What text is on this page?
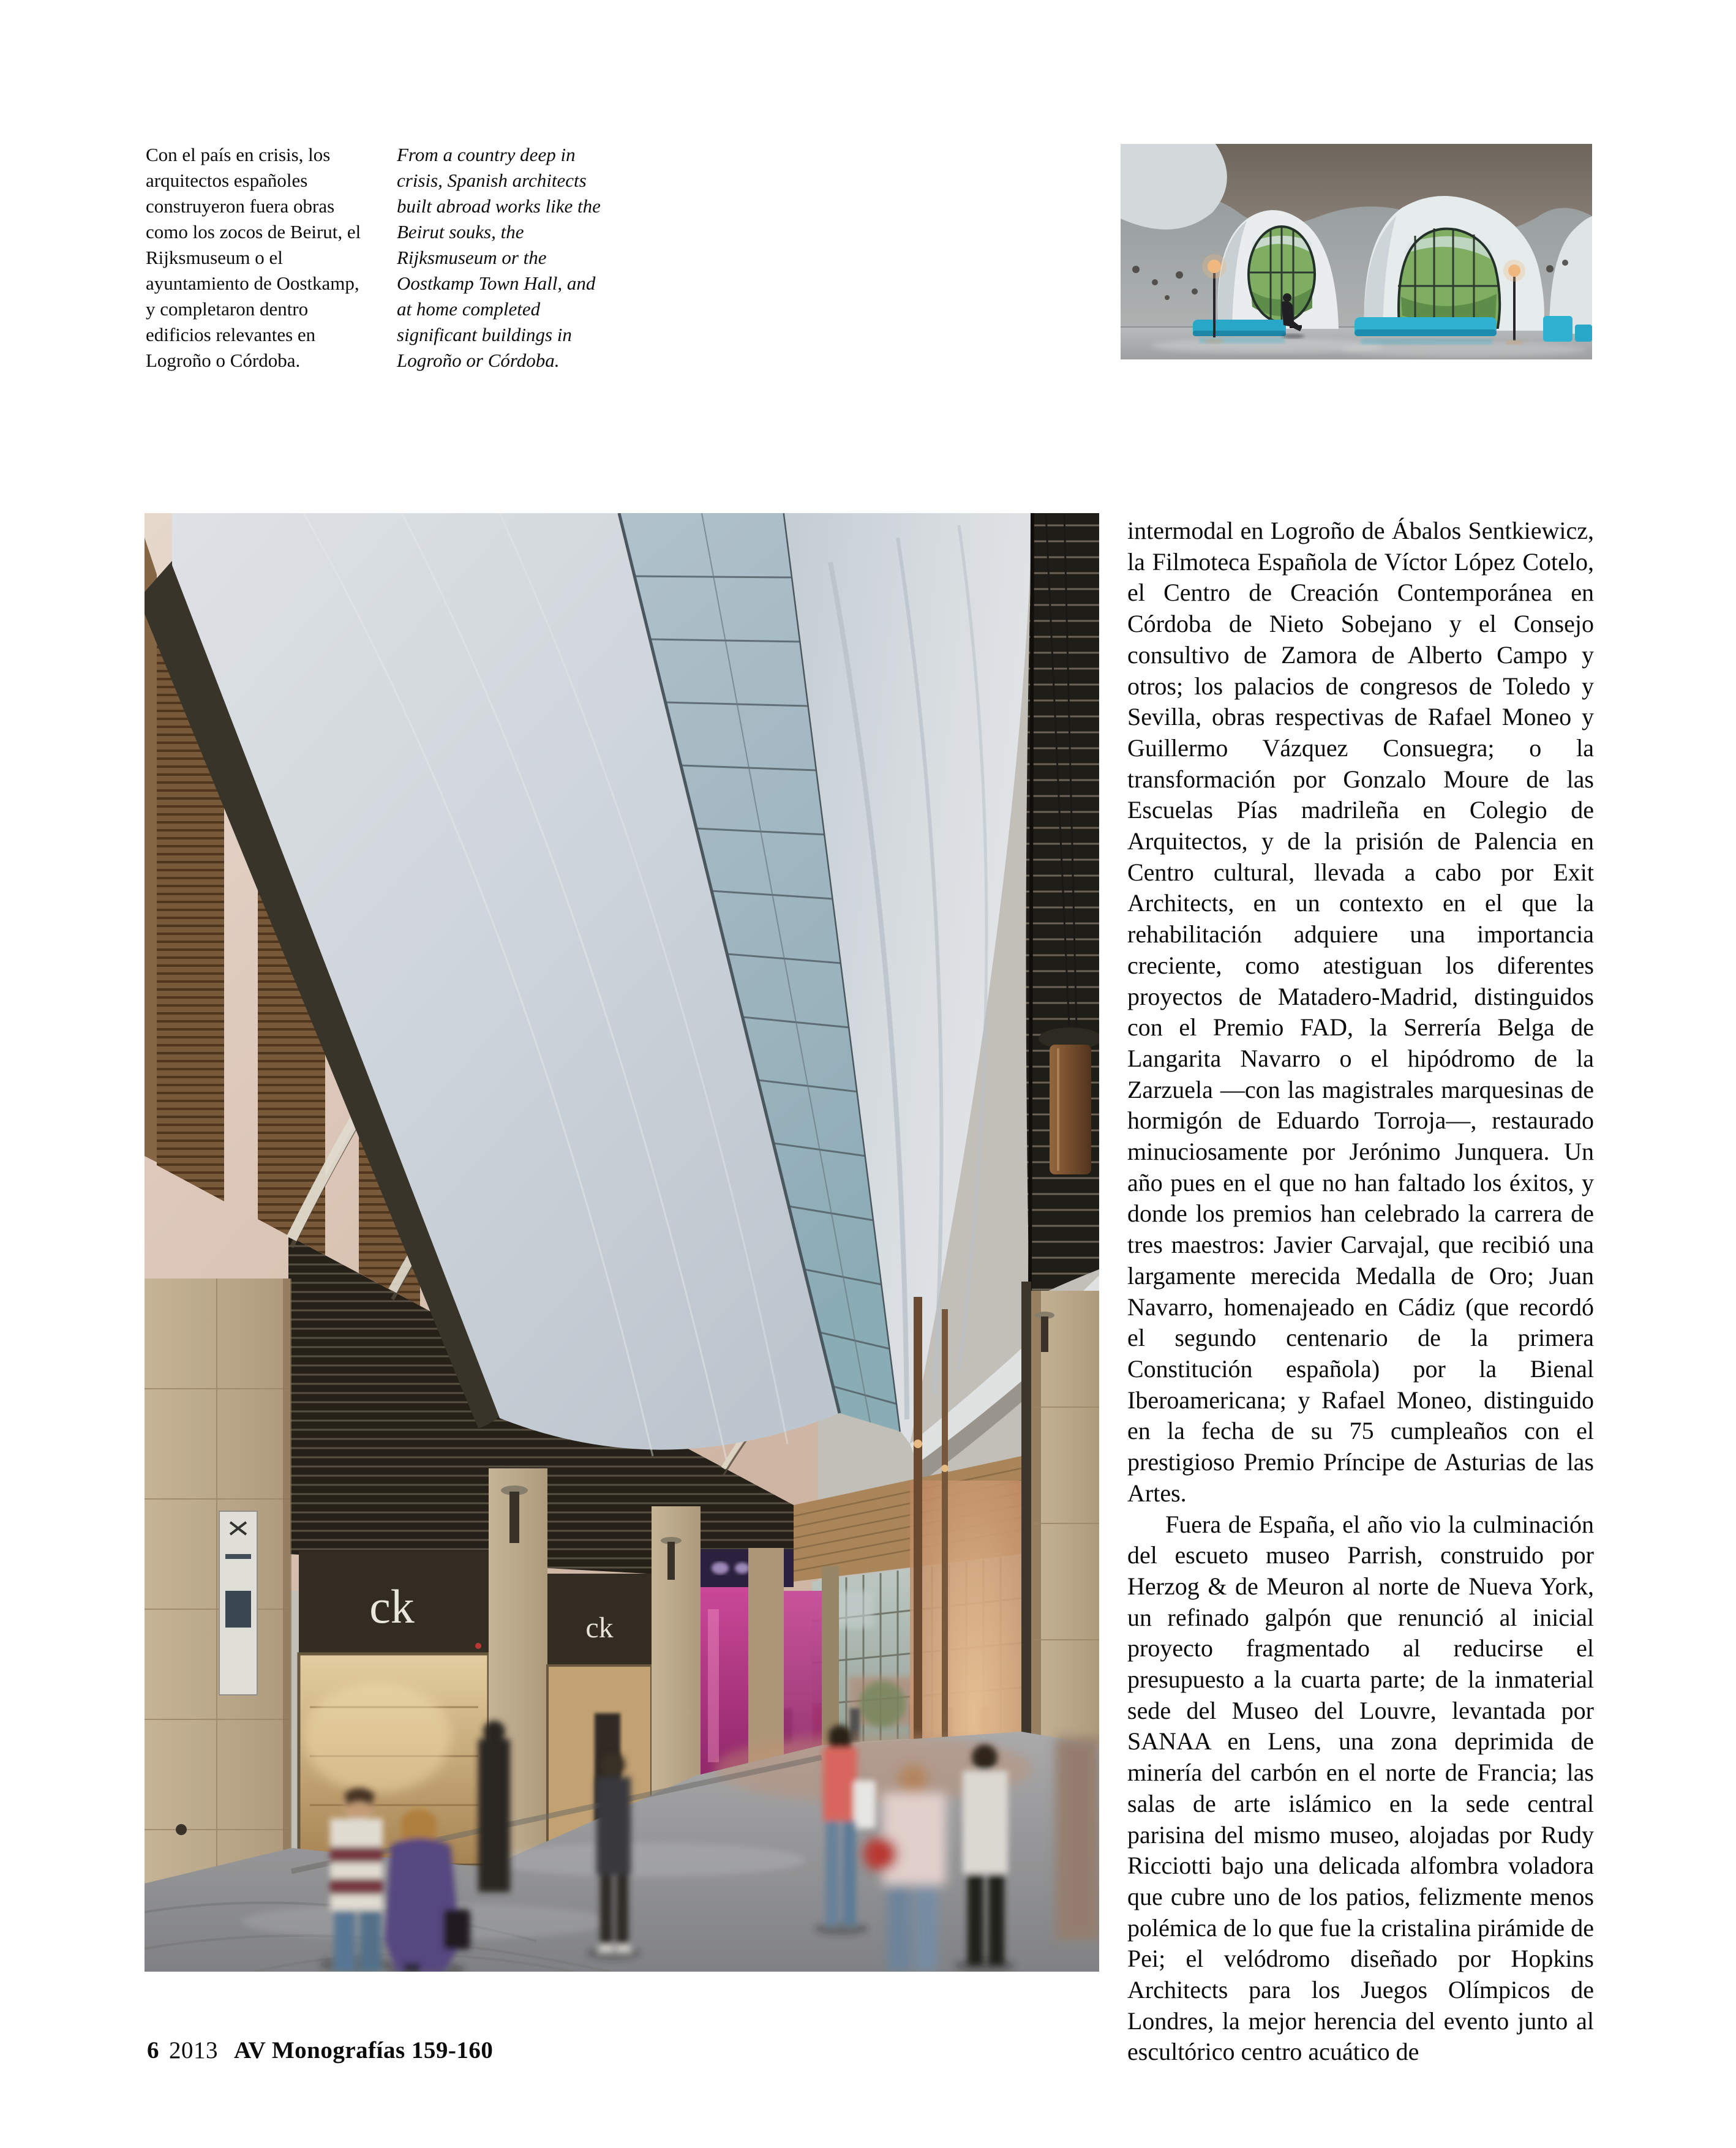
Con el país en crisis, los arquitectos españoles construyeron fuera obras como los zocos de Beirut, el Rijksmuseum o el ayuntamiento de Oostkamp, y completaron dentro edificios relevantes en Logroño o Córdoba.

From a country deep in crisis, Spanish architects built abroad works like the Beirut souks, the Rijksmuseum or the Oostkamp Town Hall, and at home completed significant buildings in Logroño or Córdoba.

ck	ck

intermodal en Logroño de Ábalos Sentkiewicz, la Filmoteca Española de Víctor López Cotelo, el Centro de Creación Contemporánea en Córdoba de Nieto Sobejano y el Consejo consultivo de Zamora de Alberto Campo y otros; los palacios de congresos de Toledo y Sevilla, obras respectivas de Rafael Moneo y Guillermo Vázquez Consuegra; o la transformación por Gonzalo Moure de las Escuelas Pías madrileña en Colegio de Arquitectos, y de la prisión de Palencia en Centro cultural, llevada a cabo por Exit Architects, en un contexto en el que la rehabilitación adquiere una importancia creciente, como atestiguan los diferentes proyectos de Matadero-Madrid, distinguidos con el Premio FAD, la Serrería Belga de Langarita Navarro o el hipódromo de la Zarzuela —con las magistrales marquesinas de hormigón de Eduardo Torroja—, restaurado minuciosamente por Jerónimo Junquera. Un año pues en el que no han faltado los éxitos, y donde los premios han celebrado la carrera de tres maestros: Javier Carvajal, que recibió una largamente merecida Medalla de Oro; Juan Navarro, homenajeado en Cádiz (que recordó el segundo centenario de la primera Constitución española) por la Bienal Iberoamericana; y Rafael Moneo, distinguido en la fecha de su 75 cumpleaños con el prestigioso Premio Príncipe de Asturias de las Artes.

Fuera de España, el año vio la culminación del escueto museo Parrish, construido por Herzog & de Meuron al norte de Nueva York, un refinado galpón que renunció al inicial proyecto fragmentado al reducirse el presupuesto a la cuarta parte; de la inmaterial sede del Museo del Louvre, levantada por SANAA en Lens, una zona deprimida de minería del carbón en el norte de Francia; las salas de arte islámico en la sede central parisina del mismo museo, alojadas por Rudy Ricciotti bajo una delicada alfombra voladora que cubre uno de los patios, felizmente menos polémica de lo que fue la cristalina pirámide de Pei; el velódromo diseñado por Hopkins Architects para los Juegos Olímpicos de Londres, la mejor herencia del evento junto al escultórico centro acuático de

6 2013 AV Monografías 159-160
